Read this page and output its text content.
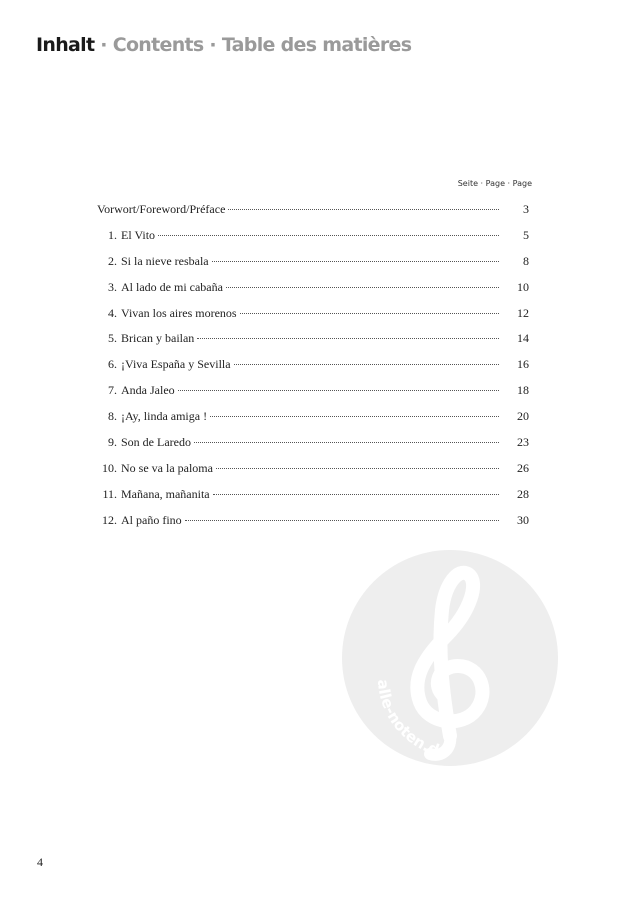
Inhalt · Contents · Table des matières
Seite · Page · Page
Vorwort/Foreword/Préface	3
1. El Vito	5
2. Si la nieve resbala	8
3. Al lado de mi cabaña	10
4. Vivan los aires morenos	12
5. Brican y bailan	14
6. ¡Viva España y Sevilla	16
7. Anda Jaleo	18
8. ¡Ay, linda amiga !	20
9. Son de Laredo	23
10. No se va la paloma	26
11. Mañana, mañanita	28
12. Al paño fino	30
alle-noten.de
4
